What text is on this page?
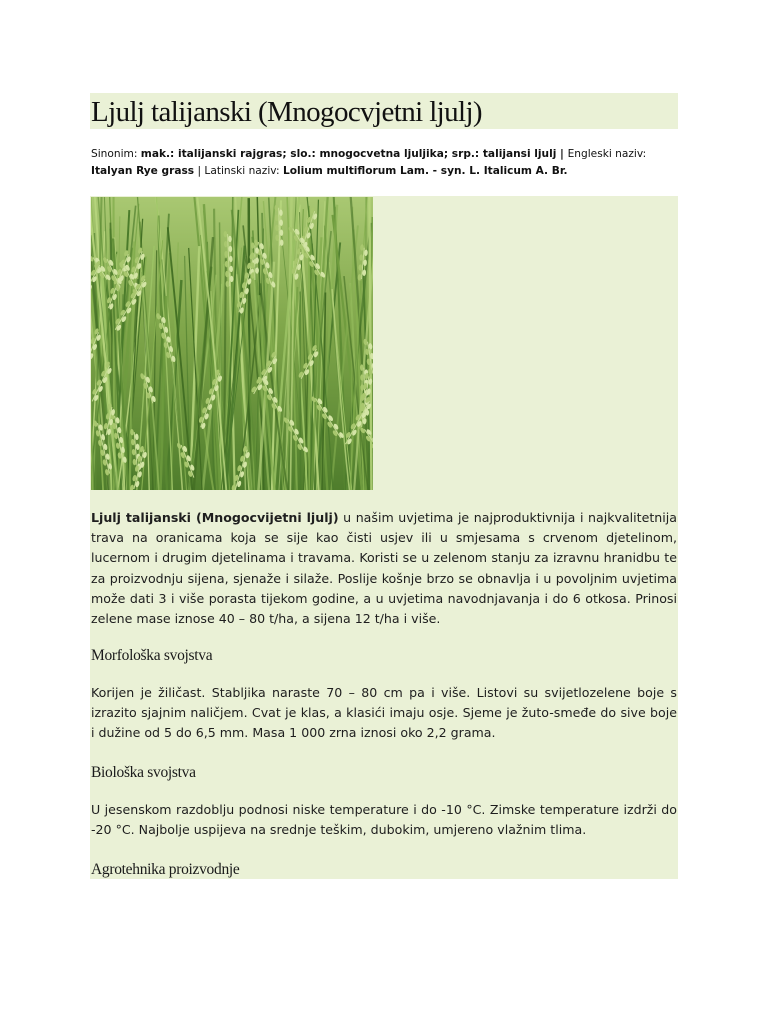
Ljulj talijanski (Mnogocvjetni ljulj)
Sinonim: mak.: italijanski rajgras; slo.: mnogocvetna ljuljika; srp.: talijansi ljulj | Engleski naziv: Italyan Rye grass | Latinski naziv: Lolium multiflorum Lam. - syn. L. Italicum A. Br.

Ljulj talijanski (Mnogocvijetni ljulj) u našim uvjetima je najproduktivnija i najkvalitetnija trava na oranicama koja se sije kao čisti usjev ili u smjesama s crvenom djetelinom, lucernom i drugim djetelinama i travama. Koristi se u zelenom stanju za izravnu hranidbu te za proizvodnju sijena, sjenaže i silaže. Poslije košnje brzo se obnavlja i u povoljnim uvjetima može dati 3 i više porasta tijekom godine, a u uvjetima navodnjavanja i do 6 otkosa. Prinosi zelene mase iznose 40 – 80 t/ha, a sijena 12 t/ha i više.

Morfološka svojstva

Korijen je žiličast. Stabljika naraste 70 – 80 cm pa i više. Listovi su svijetlozelene boje s izrazito sjajnim naličjem. Cvat je klas, a klasići imaju osje. Sjeme je žuto-smeđe do sive boje i dužine od 5 do 6,5 mm. Masa 1 000 zrna iznosi oko 2,2 grama.

Biološka svojstva

U jesenskom razdoblju podnosi niske temperature i do -10 °C. Zimske temperature izdrži do -20 °C. Najbolje uspijeva na srednje teškim, dubokim, umjereno vlažnim tlima.

Agrotehnika proizvodnje
